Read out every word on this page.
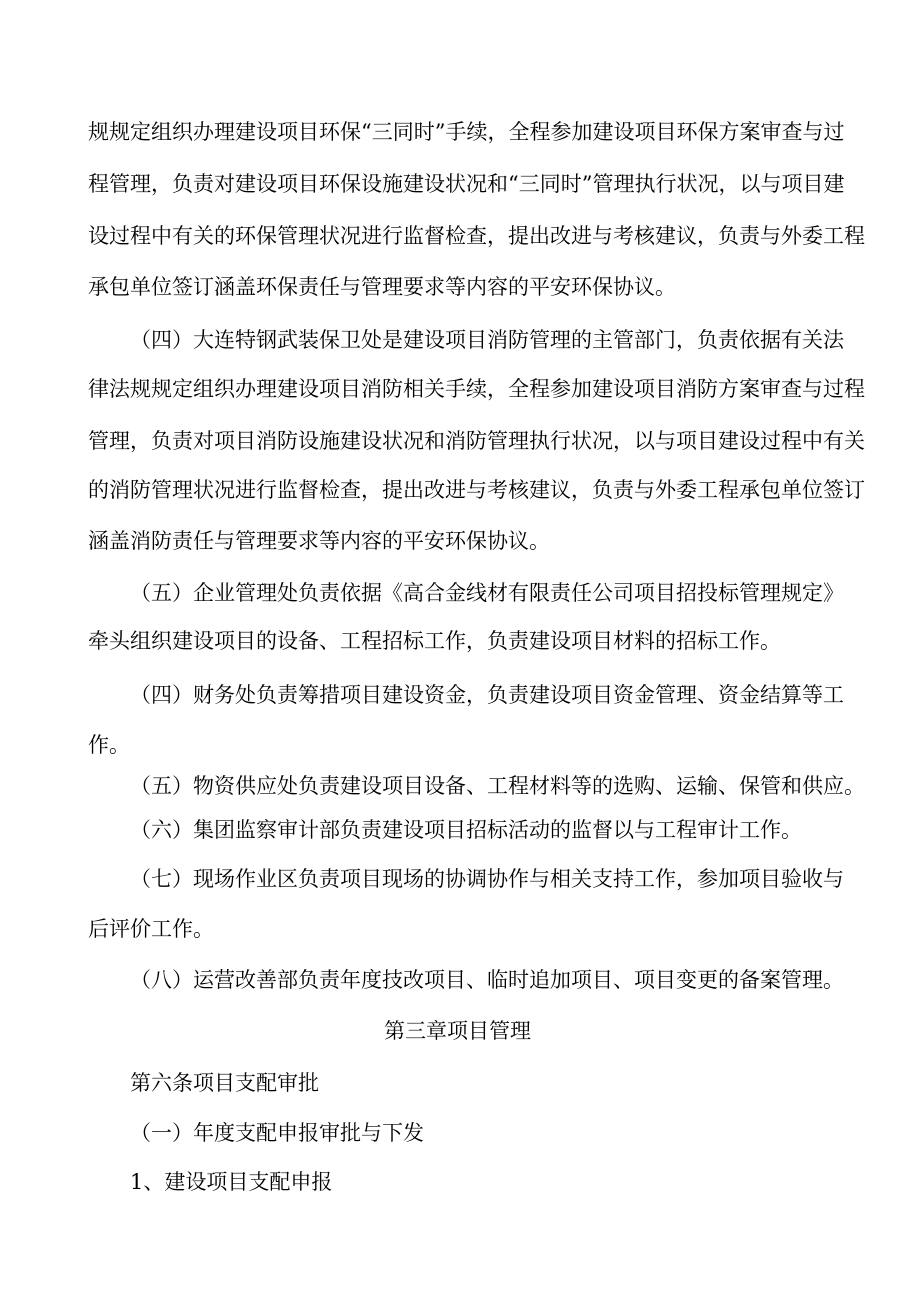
规规定组织办理建设项目环保“三同时”手续，全程参加建设项目环保方案审查与过

程管理，负责对建设项目环保设施建设状况和“三同时”管理执行状况，以与项目建

设过程中有关的环保管理状况进行监督检查，提出改进与考核建议，负责与外委工程

承包单位签订涵盖环保责任与管理要求等内容的平安环保协议。

（四）大连特钢武装保卫处是建设项目消防管理的主管部门，负责依据有关法

律法规规定组织办理建设项目消防相关手续，全程参加建设项目消防方案审查与过程

管理，负责对项目消防设施建设状况和消防管理执行状况，以与项目建设过程中有关

的消防管理状况进行监督检查，提出改进与考核建议，负责与外委工程承包单位签订

涵盖消防责任与管理要求等内容的平安环保协议。

（五）企业管理处负责依据《高合金线材有限责任公司项目招投标管理规定》

牵头组织建设项目的设备、工程招标工作，负责建设项目材料的招标工作。

（四）财务处负责筹措项目建设资金，负责建设项目资金管理、资金结算等工

作。

（五）物资供应处负责建设项目设备、工程材料等的选购、运输、保管和供应。

（六）集团监察审计部负责建设项目招标活动的监督以与工程审计工作。

（七）现场作业区负责项目现场的协调协作与相关支持工作，参加项目验收与

后评价工作。

（八）运营改善部负责年度技改项目、临时追加项目、项目变更的备案管理。

第三章项目管理

第六条项目支配审批

（一）年度支配申报审批与下发

1、建设项目支配申报
